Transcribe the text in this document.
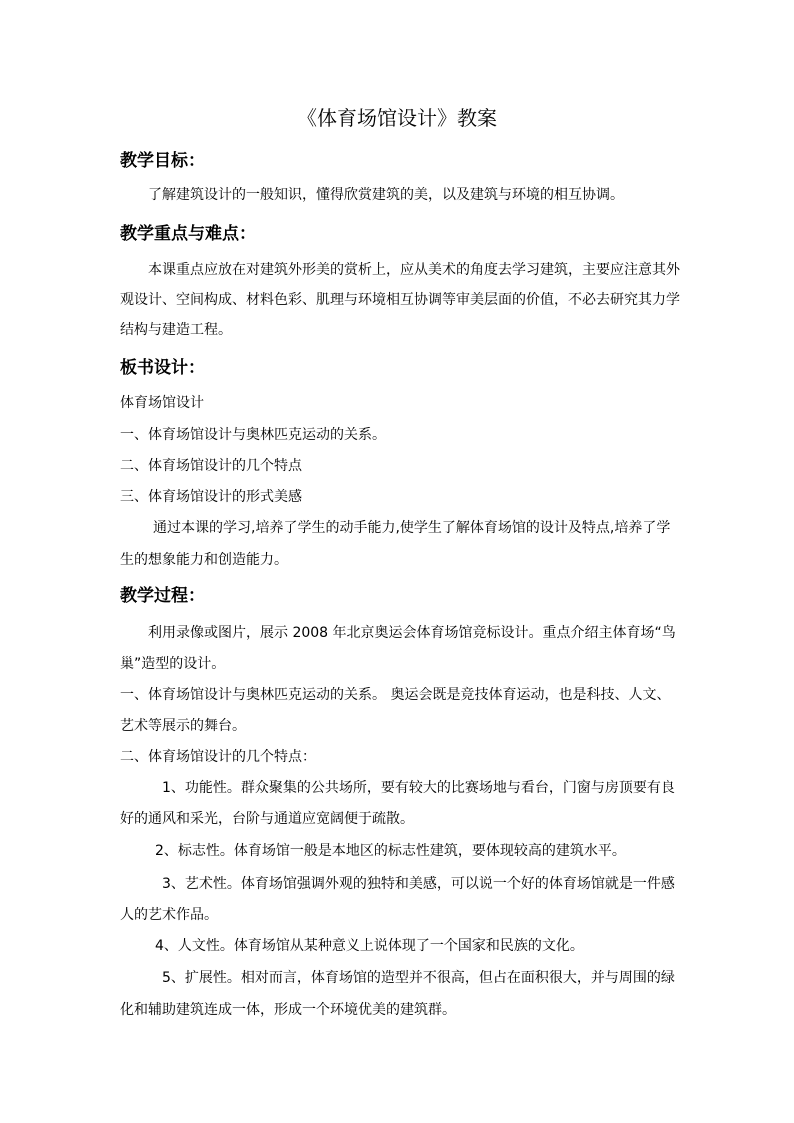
《体育场馆设计》教案
教学目标：
了解建筑设计的一般知识，懂得欣赏建筑的美，以及建筑与环境的相互协调。
教学重点与难点：
本课重点应放在对建筑外形美的赏析上，应从美术的角度去学习建筑，主要应注意其外
观设计、空间构成、材料色彩、肌理与环境相互协调等审美层面的价值，不必去研究其力学
结构与建造工程。
板书设计：
体育场馆设计
一、体育场馆设计与奥林匹克运动的关系。
二、体育场馆设计的几个特点
三、体育场馆设计的形式美感
通过本课的学习,培养了学生的动手能力,使学生了解体育场馆的设计及特点,培养了学
生的想象能力和创造能力。
教学过程：
利用录像或图片，展示 2008 年北京奥运会体育场馆竞标设计。重点介绍主体育场“鸟
巢”造型的设计。
一、体育场馆设计与奥林匹克运动的关系。 奥运会既是竞技体育运动，也是科技、人文、
艺术等展示的舞台。
二、体育场馆设计的几个特点：
1、功能性。群众聚集的公共场所，要有较大的比赛场地与看台，门窗与房顶要有良
好的通风和采光，台阶与通道应宽阔便于疏散。
2、标志性。体育场馆一般是本地区的标志性建筑，要体现较高的建筑水平。
3、艺术性。体育场馆强调外观的独特和美感，可以说一个好的体育场馆就是一件感
人的艺术作品。
4、人文性。体育场馆从某种意义上说体现了一个国家和民族的文化。
5、扩展性。相对而言，体育场馆的造型并不很高，但占在面积很大，并与周围的绿
化和辅助建筑连成一体，形成一个环境优美的建筑群。
